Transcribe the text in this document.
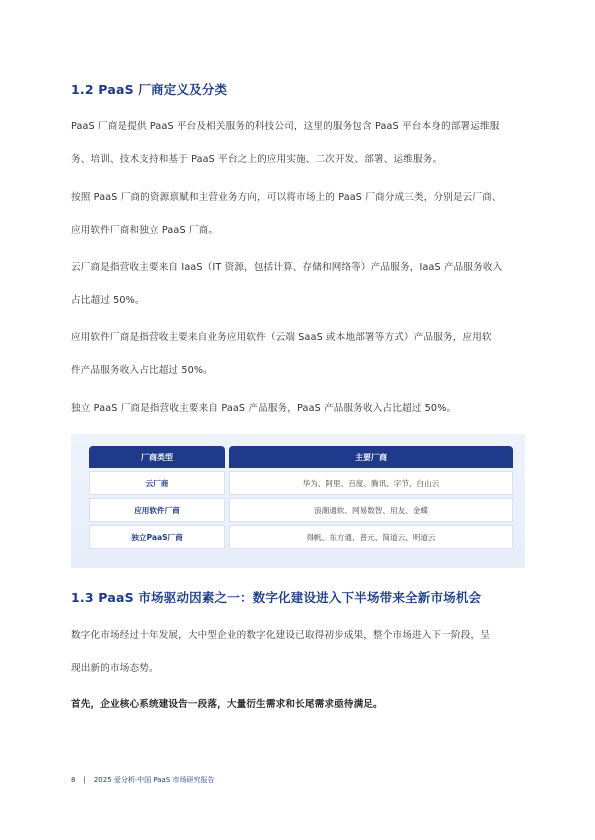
1.2 PaaS 厂商定义及分类

PaaS 厂商是提供 PaaS 平台及相关服务的科技公司，这里的服务包含 PaaS 平台本身的部署运维服
务、培训、技术支持和基于 PaaS 平台之上的应用实施、二次开发、部署、运维服务。

按照 PaaS 厂商的资源禀赋和主营业务方向，可以将市场上的 PaaS 厂商分成三类，分别是云厂商、
应用软件厂商和独立 PaaS 厂商。

云厂商是指营收主要来自 IaaS（IT 资源，包括计算、存储和网络等）产品服务，IaaS 产品服务收入
占比超过 50%。

应用软件厂商是指营收主要来自业务应用软件（云端 SaaS 或本地部署等方式）产品服务，应用软
件产品服务收入占比超过 50%。

独立 PaaS 厂商是指营收主要来自 PaaS 产品服务，PaaS 产品服务收入占比超过 50%。

厂商类型	主要厂商
云厂商	华为、阿里、百度、腾讯、字节、白山云
应用软件厂商	浪潮通软、网易数智、用友、金蝶
独立PaaS厂商	得帆、东方通、普元、简道云、明道云
1.3 PaaS 市场驱动因素之一：数字化建设进入下半场带来全新市场机会

数字化市场经过十年发展，大中型企业的数字化建设已取得初步成果，整个市场进入下一阶段，呈
现出新的市场态势。

首先，企业核心系统建设告一段落，大量衍生需求和长尾需求亟待满足。

8 | 2025 爱分析·中国 PaaS 市场研究报告
